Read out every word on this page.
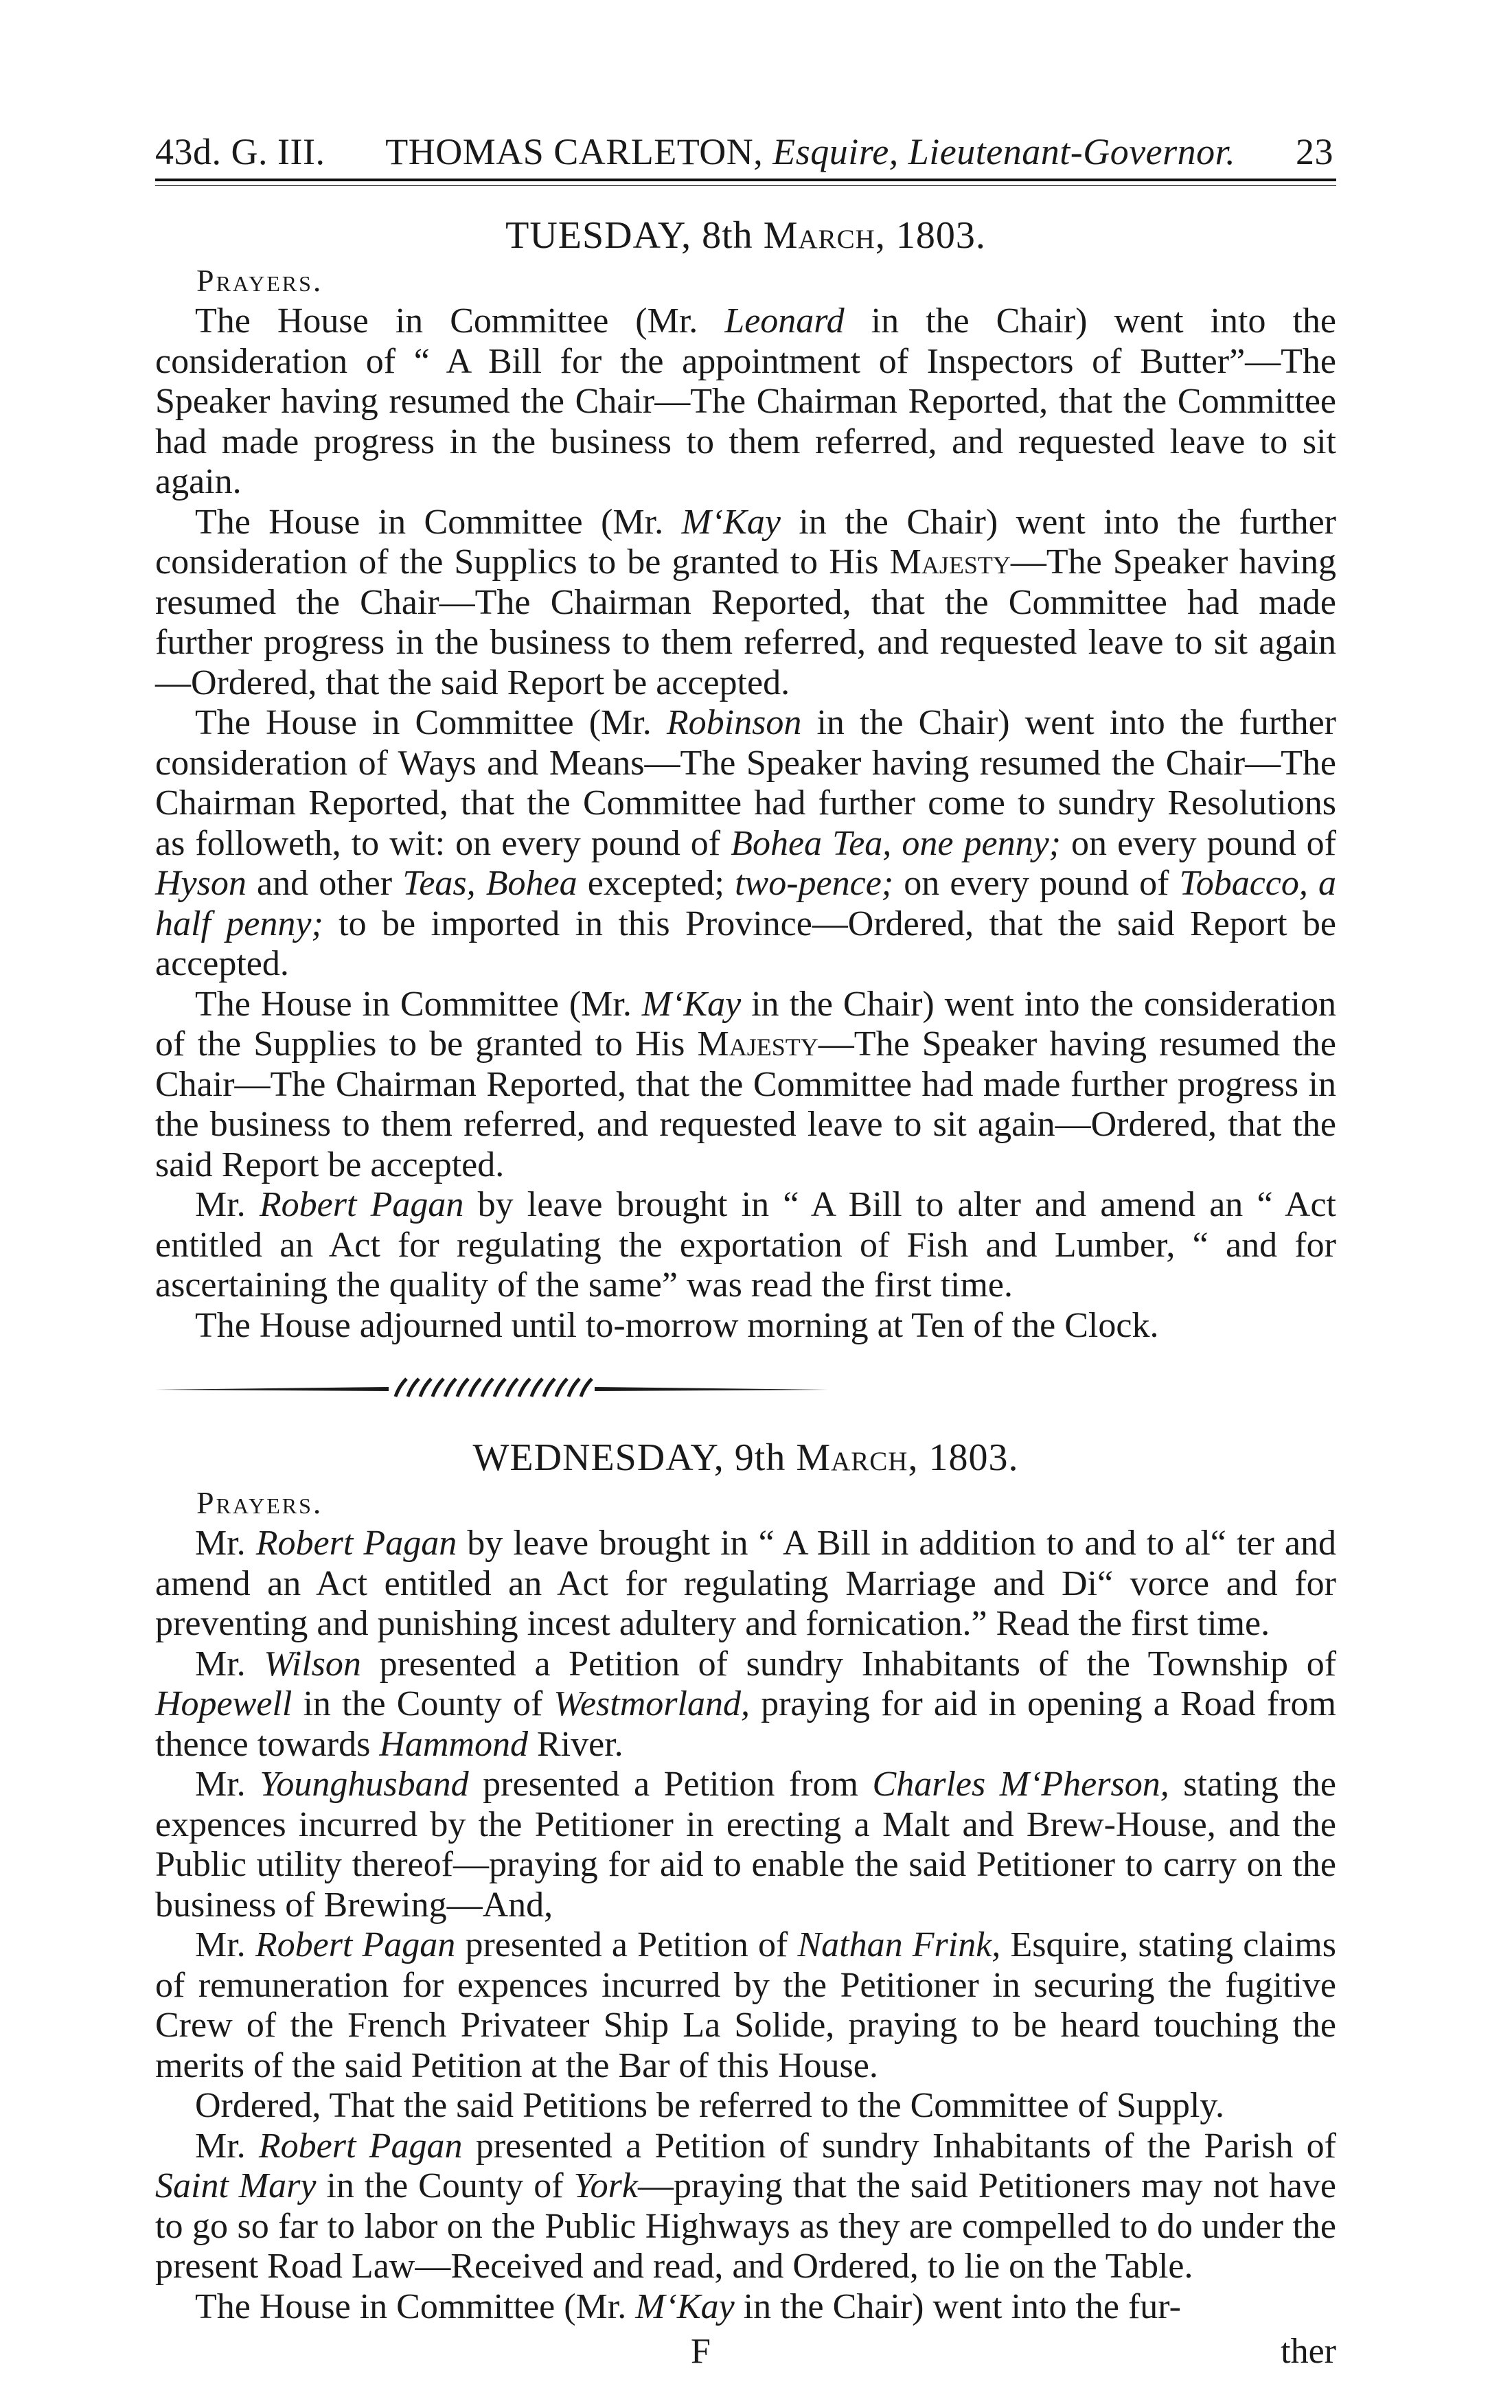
43d. G. III. THOMAS CARLETON, Esquire, Lieutenant-Governor. 23
TUESDAY, 8th March, 1803.
Prayers.

The House in Committee (Mr. Leonard in the Chair) went into the consideration of “ A Bill for the appointment of Inspectors of Butter”—The Speaker having resumed the Chair—The Chairman Reported, that the Committee had made progress in the business to them referred, and requested leave to sit again.

The House in Committee (Mr. M‘Kay in the Chair) went into the further consideration of the Supplics to be granted to His Majesty—The Speaker having resumed the Chair—The Chairman Reported, that the Committee had made further progress in the business to them referred, and requested leave to sit again—Ordered, that the said Report be accepted.

The House in Committee (Mr. Robinson in the Chair) went into the further consideration of Ways and Means—The Speaker having resumed the Chair—The Chairman Reported, that the Committee had further come to sundry Resolutions as followeth, to wit: on every pound of Bohea Tea, one penny; on every pound of Hyson and other Teas, Bohea excepted; two-pence; on every pound of Tobacco, a half penny; to be imported in this Province—Ordered, that the said Report be accepted.

The House in Committee (Mr. M‘Kay in the Chair) went into the consideration of the Supplies to be granted to His Majesty—The Speaker having resumed the Chair—The Chairman Reported, that the Committee had made further progress in the business to them referred, and requested leave to sit again—Ordered, that the said Report be accepted.

Mr. Robert Pagan by leave brought in “ A Bill to alter and amend an “ Act entitled an Act for regulating the exportation of Fish and Lumber, “ and for ascertaining the quality of the same” was read the first time.

The House adjourned until to-morrow morning at Ten of the Clock.

WEDNESDAY, 9th March, 1803.
Prayers.

Mr. Robert Pagan by leave brought in “ A Bill in addition to and to al“ ter and amend an Act entitled an Act for regulating Marriage and Di“ vorce and for preventing and punishing incest adultery and fornication.” Read the first time.

Mr. Wilson presented a Petition of sundry Inhabitants of the Township of Hopewell in the County of Westmorland, praying for aid in opening a Road from thence towards Hammond River.

Mr. Younghusband presented a Petition from Charles M‘Pherson, stating the expences incurred by the Petitioner in erecting a Malt and Brew-House, and the Public utility thereof—praying for aid to enable the said Petitioner to carry on the business of Brewing—And,

Mr. Robert Pagan presented a Petition of Nathan Frink, Esquire, stating claims of remuneration for expences incurred by the Petitioner in securing the fugitive Crew of the French Privateer Ship La Solide, praying to be heard touching the merits of the said Petition at the Bar of this House.

Ordered, That the said Petitions be referred to the Committee of Supply.

Mr. Robert Pagan presented a Petition of sundry Inhabitants of the Parish of Saint Mary in the County of York—praying that the said Petitioners may not have to go so far to labor on the Public Highways as they are compelled to do under the present Road Law—Received and read, and Ordered, to lie on the Table.

The House in Committee (Mr. M‘Kay in the Chair) went into the fur-

F	ther
